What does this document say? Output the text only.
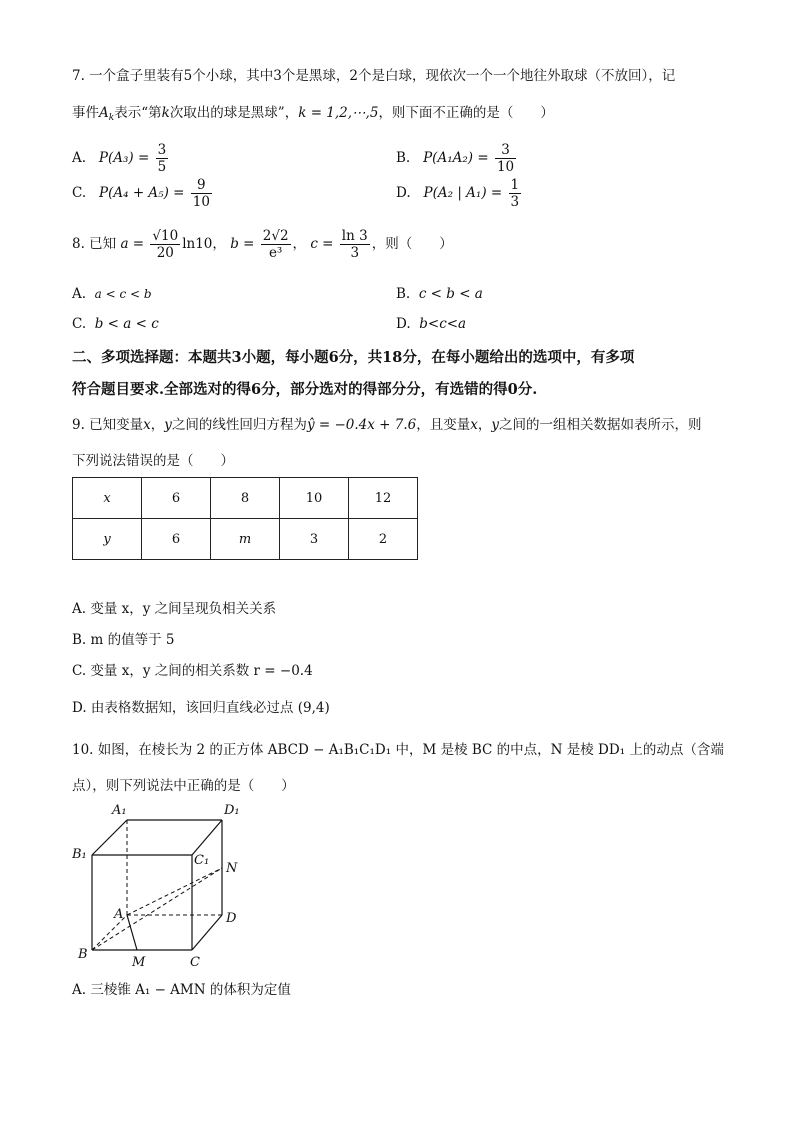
7. 一个盒子里装有5个小球，其中3个是黑球，2个是白球，现依次一个一个地往外取球（不放回），记
事件$A_k$表示“第k次取出的球是黑球”，k = 1,2,⋯,5，则下面不正确的是（　　）
A. $P(A_3) = \frac{3}{5}$	B. $P(A_1A_2) = \frac{3}{10}$
C. $P(A_4 + A_5) = \frac{9}{10}$	D. P(A₂ | $A_1) = \frac{1}{3}$
8. 已知 $a = \frac{√10}{20} \ln 10$， $b = \frac{2√2}{\text{e³}}$ ， $c = \frac{\ln 3}{3}$ ，则（　　）
A. a < c < b	B. c < b < a
C. b < a < c	D. b<c<a
二、多项选择题：本题共3小题，每小题6分，共18分，在每小题给出的选项中，有多项
符合题目要求.全部选对的得6分，部分选对的得部分分，有选错的得0分.
9. 已知变量x，y之间的线性回归方程为ŷ = −0.4x + 7.6，且变量x，y之间的一组相关数据如表所示，则
下列说法错误的是（　　）
x	6	8	10	12
y	6	m	3	2
A. 变量 x，y 之间呈现负相关关系
B. m 的值等于 5
C. 变量 x，y 之间的相关系数 r = −0.4
D. 由表格数据知，该回归直线必过点 (9,4)
10. 如图，在棱长为 2 的正方体 ABCD − A₁B₁C₁D₁ 中，M 是棱 BC 的中点，N 是棱 DD₁ 上的动点（含端
点），则下列说法中正确的是（　　）
A₁	D₁
B₁	C₁
N
A	D
B
M	C
A. 三棱锥 A₁ − AMN 的体积为定值
